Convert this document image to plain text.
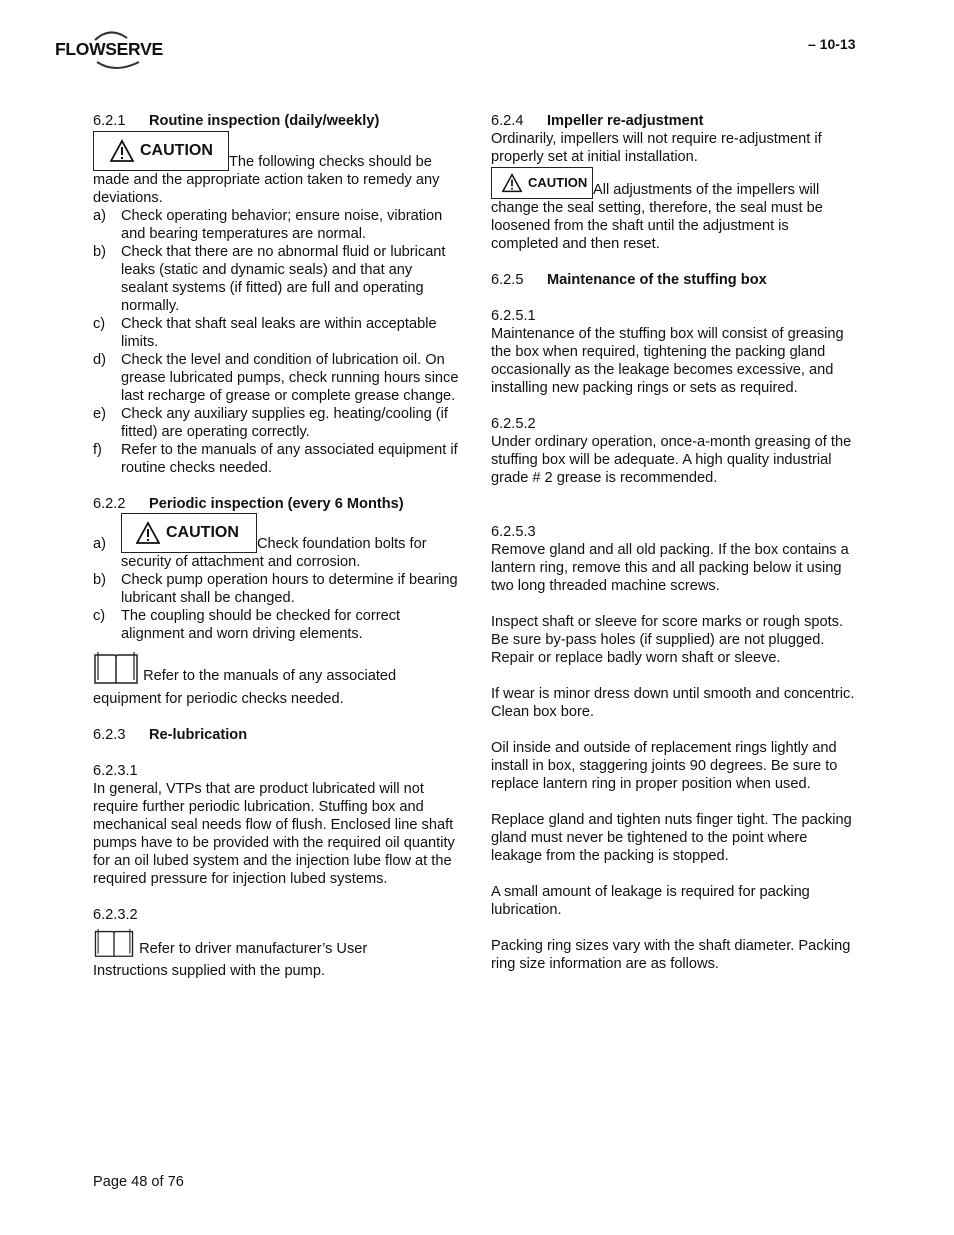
FLOWSERVE	– 10-13
6.2.1	Routine inspection (daily/weekly)

CAUTION
The following checks should be

made and the appropriate action taken to remedy any deviations.

a)	Check operating behavior; ensure noise, vibration and bearing temperatures are normal.
b)	Check that there are no abnormal fluid or lubricant leaks (static and dynamic seals) and that any sealant systems (if fitted) are full and operating normally.
c)	Check that shaft seal leaks are within acceptable limits.
d)	Check the level and condition of lubrication oil. On grease lubricated pumps, check running hours since last recharge of grease or complete grease change.
e)	Check any auxiliary supplies eg. heating/cooling (if fitted) are operating correctly.
f)	Refer to the manuals of any associated equipment if routine checks needed.
6.2.2	Periodic inspection (every 6 Months)
a)
CAUTION
Check foundation bolts for
security of attachment and corrosion.
b)	Check pump operation hours to determine if bearing lubricant shall be changed.
c)	The coupling should be checked for correct alignment and worn driving elements.

Refer to the manuals of any associated

equipment for periodic checks needed.

6.2.3	Re-lubrication

6.2.3.1

In general, VTPs that are product lubricated will not require further periodic lubrication. Stuffing box and mechanical seal needs flow of flush. Enclosed line shaft pumps have to be provided with the required oil quantity for an oil lubed system and the injection lube flow at the required pressure for injection lubed systems.

6.2.3.2

Refer to driver manufacturer’s User

Instructions supplied with the pump.

6.2.4	Impeller re-adjustment

Ordinarily, impellers will not require re-adjustment if properly set at initial installation.

CAUTION All adjustments of the impellers will

change the seal setting, therefore, the seal must be loosened from the shaft until the adjustment is completed and then reset.

6.2.5	Maintenance of the stuffing box

6.2.5.1

Maintenance of the stuffing box will consist of greasing the box when required, tightening the packing gland occasionally as the leakage becomes excessive, and installing new packing rings or sets as required.

6.2.5.2

Under ordinary operation, once-a-month greasing of the stuffing box will be adequate. A high quality industrial grade # 2 grease is recommended.

6.2.5.3

Remove gland and all old packing. If the box contains a lantern ring, remove this and all packing below it using two long threaded machine screws.

Inspect shaft or sleeve for score marks or rough spots. Be sure by-pass holes (if supplied) are not plugged. Repair or replace badly worn shaft or sleeve.

If wear is minor dress down until smooth and concentric. Clean box bore.

Oil inside and outside of replacement rings lightly and install in box, staggering joints 90 degrees. Be sure to replace lantern ring in proper position when used.

Replace gland and tighten nuts finger tight. The packing gland must never be tightened to the point where leakage from the packing is stopped.

A small amount of leakage is required for packing lubrication.

Packing ring sizes vary with the shaft diameter. Packing ring size information are as follows.

Page 48 of 76
